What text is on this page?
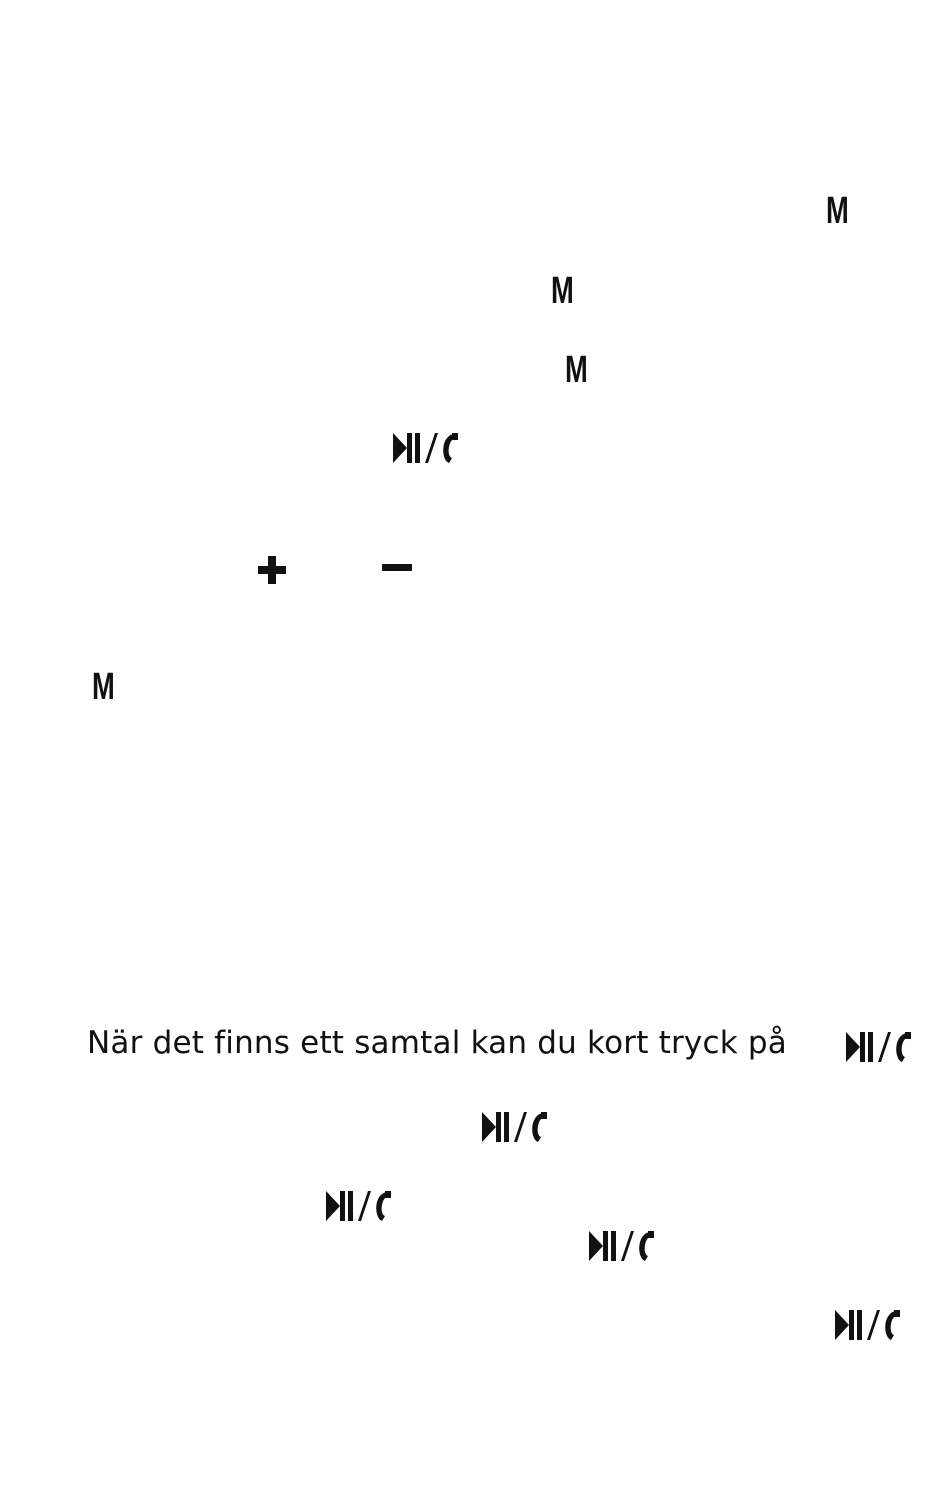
M
M
M
M
När det finns ett samtal kan du kort tryck på
